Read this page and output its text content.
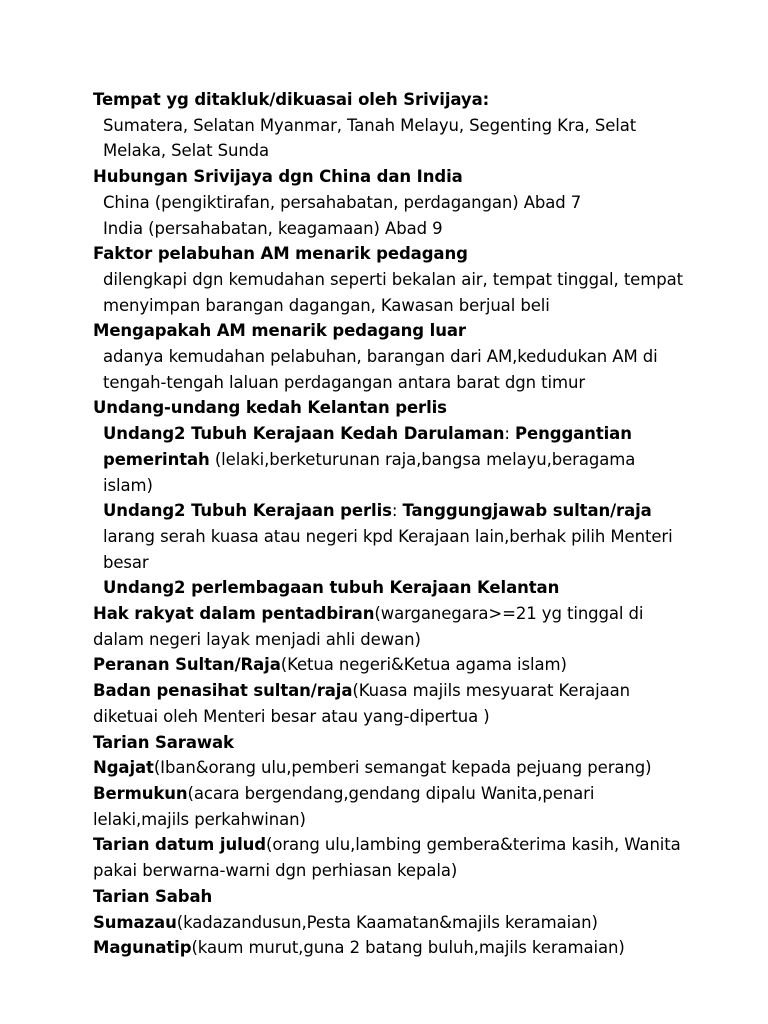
Tempat yg ditakluk/dikuasai oleh Srivijaya:
Sumatera, Selatan Myanmar, Tanah Melayu, Segenting Kra, Selat Melaka, Selat Sunda
Hubungan Srivijaya dgn China dan India
China (pengiktirafan, persahabatan, perdagangan) Abad 7
India (persahabatan, keagamaan) Abad 9
Faktor pelabuhan AM menarik pedagang
dilengkapi dgn kemudahan seperti bekalan air, tempat tinggal, tempat menyimpan barangan dagangan, Kawasan berjual beli
Mengapakah AM menarik pedagang luar
adanya kemudahan pelabuhan, barangan dari AM,kedudukan AM di tengah-tengah laluan perdagangan antara barat dgn timur
Undang-undang kedah Kelantan perlis
Undang2 Tubuh Kerajaan Kedah Darulaman: Penggantian pemerintah (lelaki,berketurunan raja,bangsa melayu,beragama islam)
Undang2 Tubuh Kerajaan perlis: Tanggungjawab sultan/raja larang serah kuasa atau negeri kpd Kerajaan lain,berhak pilih Menteri besar
Undang2 perlembagaan tubuh Kerajaan Kelantan
Hak rakyat dalam pentadbiran(warganegara>=21 yg tinggal di dalam negeri layak menjadi ahli dewan)
Peranan Sultan/Raja(Ketua negeri&Ketua agama islam)
Badan penasihat sultan/raja(Kuasa majils mesyuarat Kerajaan diketuai oleh Menteri besar atau yang-dipertua )
Tarian Sarawak
Ngajat(Iban&orang ulu,pemberi semangat kepada pejuang perang)
Bermukun(acara bergendang,gendang dipalu Wanita,penari lelaki,majils perkahwinan)
Tarian datum julud(orang ulu,lambing gembera&terima kasih, Wanita pakai berwarna-warni dgn perhiasan kepala)
Tarian Sabah
Sumazau(kadazandusun,Pesta Kaamatan&majils keramaian)
Magunatip(kaum murut,guna 2 batang buluh,majils keramaian)
